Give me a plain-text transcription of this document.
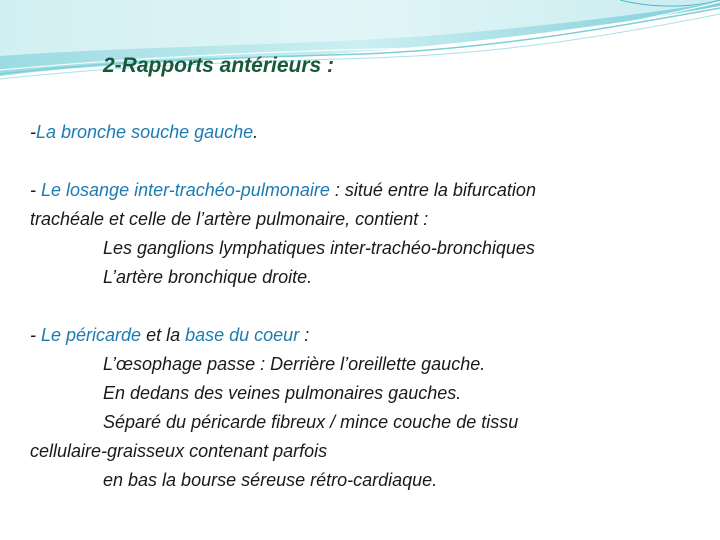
2-Rapports antérieurs :
-La bronche souche gauche.
- Le losange inter-trachéo-pulmonaire : situé entre la bifurcation
trachéale et celle de l’artère pulmonaire, contient :
Les ganglions lymphatiques inter-trachéo-bronchiques
L’artère bronchique droite.
- Le péricarde et la base du coeur :
L’œsophage passe : Derrière l’oreillette gauche.
En dedans des veines pulmonaires gauches.
Séparé du péricarde fibreux / mince couche de tissu
cellulaire-graisseux contenant parfois
en bas la bourse séreuse rétro-cardiaque.
